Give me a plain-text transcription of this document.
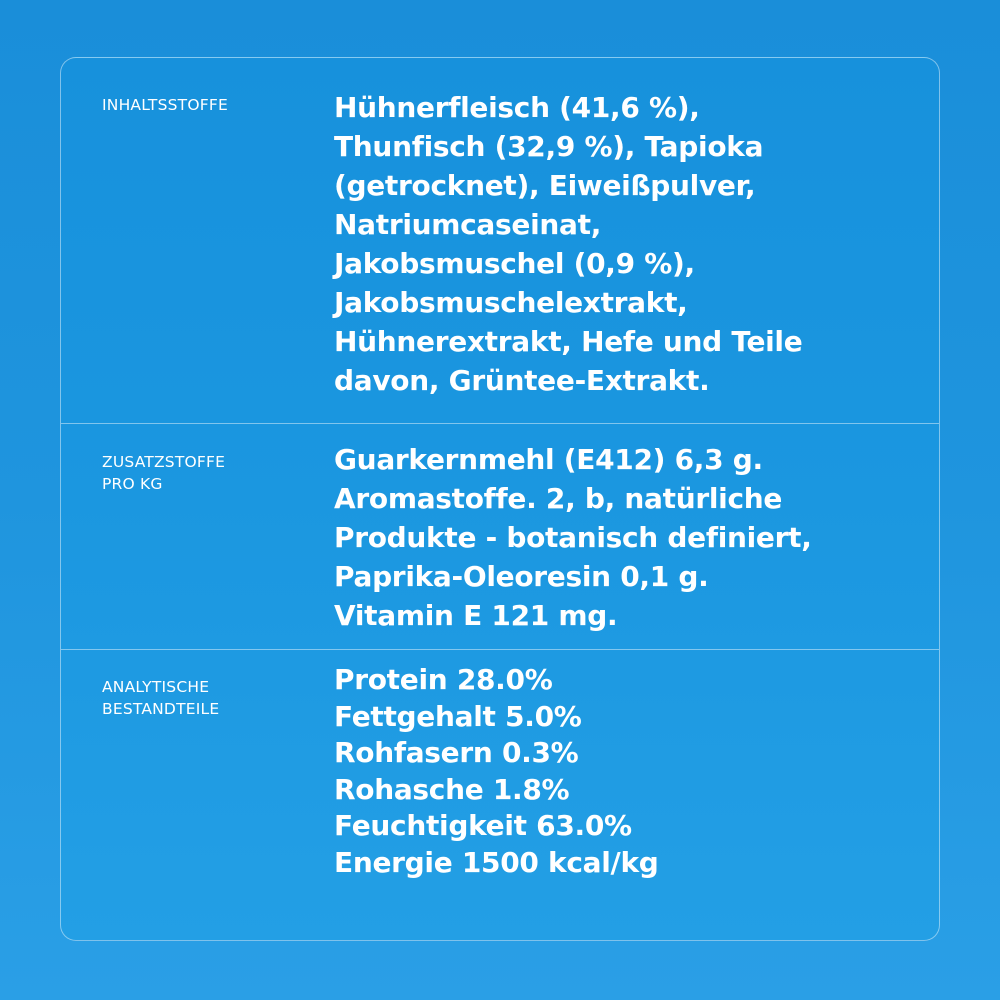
INHALTSSTOFFE	Hühnerfleisch (41,6 %),
Thunfisch (32,9 %), Tapioka
(getrocknet), Eiweißpulver,
Natriumcaseinat,
Jakobsmuschel (0,9 %),
Jakobsmuschelextrakt,
Hühnerextrakt, Hefe und Teile
davon, Grüntee-Extrakt.
ZUSATZSTOFFE
PRO KG
Guarkernmehl (E412) 6,3 g.
Aromastoffe. 2, b, natürliche
Produkte - botanisch definiert,
Paprika-Oleoresin 0,1 g.
Vitamin E 121 mg.
ANALYTISCHE
BESTANDTEILE
Protein 28.0%
Fettgehalt 5.0%
Rohfasern 0.3%
Rohasche 1.8%
Feuchtigkeit 63.0%
Energie 1500 kcal/kg
